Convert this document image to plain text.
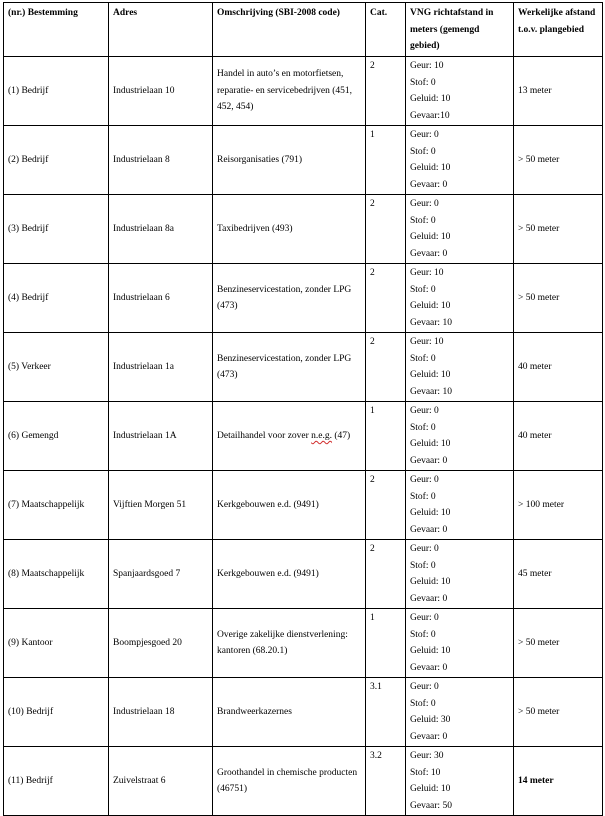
(nr.) Bestemming	Adres	Omschrijving (SBI-2008 code)	Cat.	VNG richtafstand in meters (gemengd gebied)	Werkelijke afstand t.o.v. plangebied
(1) Bedrijf	Industrielaan 10	Handel in auto’s en motorfietsen, reparatie- en servicebedrijven (451, 452, 454)	2	Geur: 10
Stof: 0
Geluid: 10
Gevaar:10	13 meter
(2) Bedrijf	Industrielaan 8	Reisorganisaties (791)	1	Geur: 0
Stof: 0
Geluid: 10
Gevaar: 0	> 50 meter
(3) Bedrijf	Industrielaan 8a	Taxibedrijven (493)	2	Geur: 0
Stof: 0
Geluid: 10
Gevaar: 0	> 50 meter
(4) Bedrijf	Industrielaan 6	Benzineservicestation, zonder LPG (473)	2	Geur: 10
Stof: 0
Geluid: 10
Gevaar: 10	> 50 meter
(5) Verkeer	Industrielaan 1a	Benzineservicestation, zonder LPG (473)	2	Geur: 10
Stof: 0
Geluid: 10
Gevaar: 10	40 meter
(6) Gemengd	Industrielaan 1A	Detailhandel voor zover n.e.g. (47)	1	Geur: 0
Stof: 0
Geluid: 10
Gevaar: 0	40 meter
(7) Maatschappelijk	Vijftien Morgen 51	Kerkgebouwen e.d. (9491)	2	Geur: 0
Stof: 0
Geluid: 10
Gevaar: 0	> 100 meter
(8) Maatschappelijk	Spanjaardsgoed 7	Kerkgebouwen e.d. (9491)	2	Geur: 0
Stof: 0
Geluid: 10
Gevaar: 0	45 meter
(9) Kantoor	Boompjesgoed 20	Overige zakelijke dienstverlening: kantoren (68.20.1)	1	Geur: 0
Stof: 0
Geluid: 10
Gevaar: 0	> 50 meter
(10) Bedrijf	Industrielaan 18	Brandweerkazernes	3.1	Geur: 0
Stof: 0
Geluid: 30
Gevaar: 0	> 50 meter
(11) Bedrijf	Zuivelstraat 6	Groothandel in chemische producten (46751)	3.2	Geur: 30
Stof: 10
Geluid: 10
Gevaar: 50	14 meter
